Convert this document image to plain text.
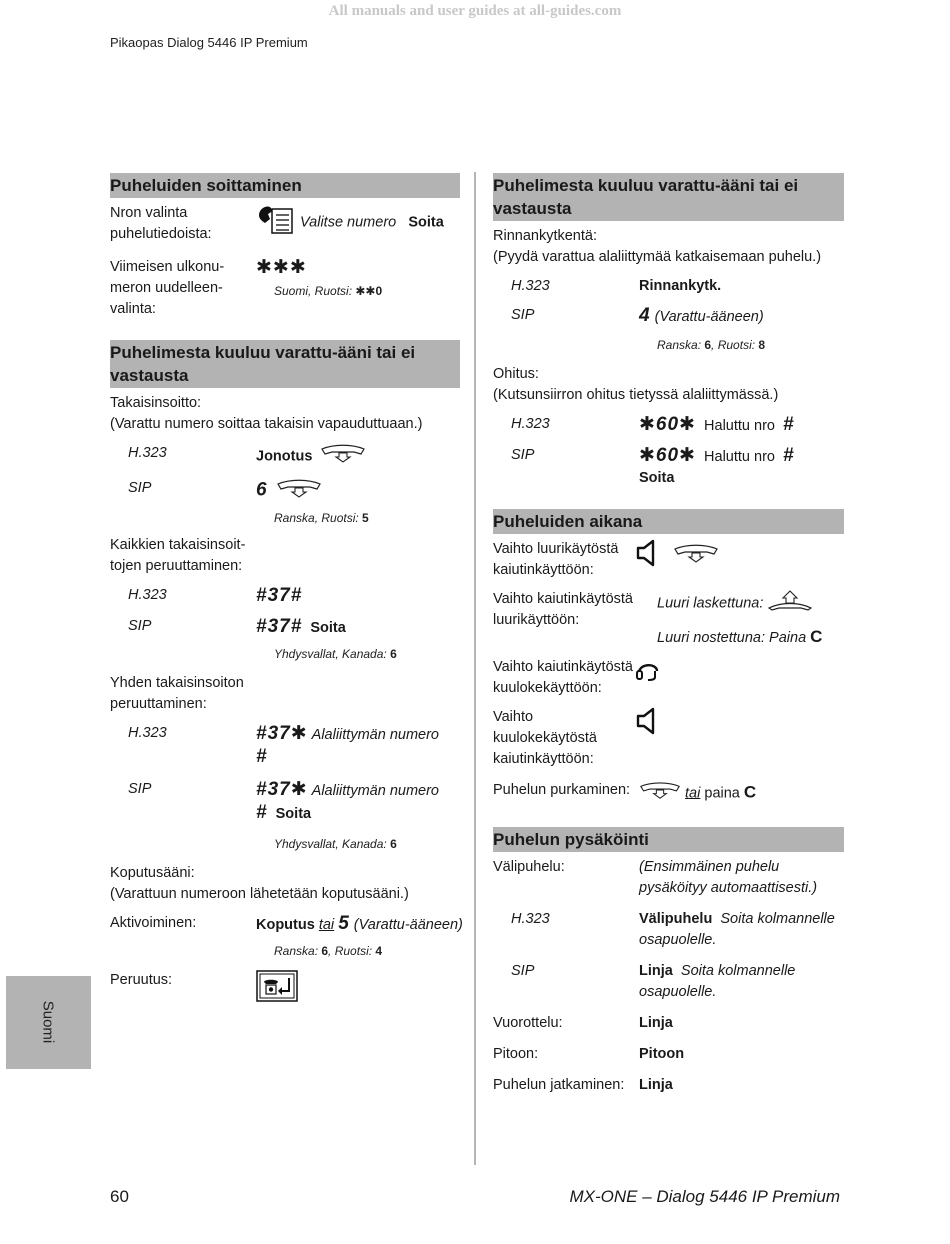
All manuals and user guides at all-guides.com
Pikaopas Dialog 5446 IP Premium
Suomi
60	MX-ONE – Dialog 5446 IP Premium
Puheluiden soittaminen
Nron valinta puhelutiedoista:
Valitse numero Soita
Viimeisen ulkonu-meron uudelleen-valinta:
✱✱✱
Suomi, Ruotsi: ✱✱0
Puhelimesta kuuluu varattu-ääni tai ei vastausta
Takaisinsoitto:
(Varattu numero soittaa takaisin vapauduttuaan.)
H.323	Jonotus
SIP	6
Ranska, Ruotsi: 5
Kaikkien takaisinsoit-tojen peruuttaminen:
H.323	#37#
SIP	#37# Soita
Yhdysvallat, Kanada: 6
Yhden takaisinsoiton peruuttaminen:
H.323	#37✱ Alaliittymän numero
#
SIP	#37✱ Alaliittymän numero
# Soita
Yhdysvallat, Kanada: 6
Koputusääni:
(Varattuun numeroon lähetetään koputusääni.)
Aktivoiminen:	Koputus tai 5 (Varattu-ääneen)
Ranska: 6, Ruotsi: 4
Peruutus:
Puhelimesta kuuluu varattu-ääni tai ei vastausta
Rinnankytkentä:
(Pyydä varattua alaliittymää katkaisemaan puhelu.)
H.323	Rinnankytk.
SIP	4 (Varattu-ääneen)
Ranska: 6, Ruotsi: 8
Ohitus:
(Kutsunsiirron ohitus tietyssä alaliittymässä.)
H.323	✱60✱ Haluttu nro #
SIP	✱60✱ Haluttu nro #
Soita
Puheluiden aikana
Vaihto luurikäytöstä kaiutinkäyttöön:

Vaihto kaiutinkäytöstä luurikäyttöön:
Luuri laskettuna:
Luuri nostettuna: Paina C
Vaihto kaiutinkäytöstä kuulokekäyttöön:
Vaihto kuulokekäytöstä kaiutinkäyttöön:
Puhelun purkaminen:	tai paina C
Puhelun pysäköinti
Välipuhelu:	(Ensimmäinen puhelu pysäköityy automaattisesti.)
H.323	Välipuhelu Soita kolmannelle osapuolelle.
SIP	Linja Soita kolmannelle osapuolelle.
Vuorottelu:	Linja
Pitoon:	Pitoon
Puhelun jatkaminen:	Linja
